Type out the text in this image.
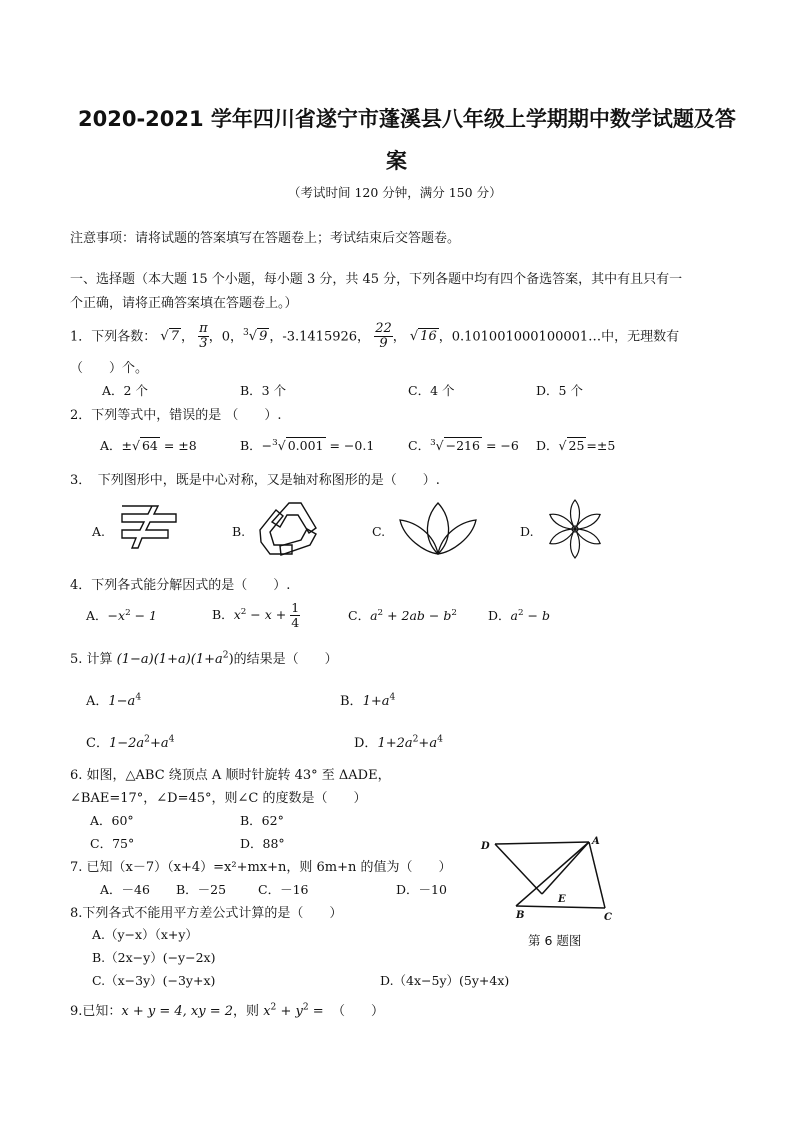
2020-2021 学年四川省遂宁市蓬溪县八年级上学期期中数学试题及答
案
（考试时间 120 分钟，满分 150 分）
注意事项：请将试题的答案填写在答题卷上；考试结束后交答题卷。
一、选择题（本大题 15 个小题，每小题 3 分，共 45 分，下列各题中均有四个备选答案，其中有且只有一
个正确，请将正确答案填在答题卷上。）
1．下列各数： √ 7 ， $\frac{\pi}{3}$ ，0，$^3$√ 9 ，-3.1415926， $\frac{22}{9}$ ， √ 16 ，0.101001000100001…中，无理数有
（　　）个。
A．2 个	B．3 个	C．4 个	D．5 个
2．下列等式中，错误的是 （　　）.
A．±√ 64 = ±8	B．−$^3$√ 0.001 = −0.1	C．$^3$√ −216 = −6 D．√ 25 =±5
3．　下列图形中，既是中心对称，又是轴对称图形的是（　　）.
A.	B.	C.	D.
4．下列各式能分解因式的是（　　）.
A．$-x^2 - 1$	B．$x^2 - x + \frac{1}{4}$	C．$a^2 + 2ab - b^2$ D．$a^2 - b$
5. 计算 $(1-a)(1+a)(1+a^2)$的结果是（　　）
A．$1-a^4$	B．$1+a^4$
C．$1-2a^2+a^4$	D．$1+2a^2+a^4$
6. 如图，△ABC 绕顶点 A 顺时针旋转 43° 至 ΔADE，
∠BAE=17°，∠D=45°，则∠C 的度数是（　　）
A．60°	B．62°
C．75°	D．88°	D	A
E
B	C
第 6 题图
7. 已知（x－7）（x+4）=x²+mx+n，则 6m+n 的值为（　　）
A．－46 B．－25	C．－16	D．－10
8.下列各式不能用平方差公式计算的是（　　）
A.（y−x）（x+y）
B.（2x−y）(−y−2x)
C.（x−3y）(−3y+x)	D.（4x−5y）(5y+4x)
9.已知：x + y = 4, xy = 2，则 $x^2 + y^2$ = （　　）
